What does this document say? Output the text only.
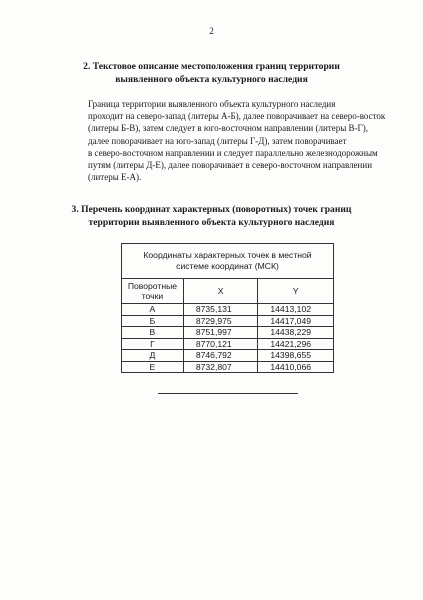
2
2. Текстовое описание местоположения границ территории
выявленного объекта культурного наследия
Граница территории выявленного объекта культурного наследия
проходит на северо-запад (литеры А-Б), далее поворачивает на северо-восток
(литеры Б-В), затем следует в юго-восточном направлении (литеры В-Г),
далее поворачивает на юго-запад (литеры Г-Д), затем поворачивает
в северо-восточном направлении и следует параллельно железнодорожным
путям (литеры Д-Е), далее поворачивает в северо-восточном направлении
(литеры Е-А).
3. Перечень координат характерных (поворотных) точек границ
территории выявленного объекта культурного наследия
Координаты характерных точек в местной
системе координат (МСК)		

Поворотные
точки	X	Y
А	8735,131	14413,102
Б	8729,975	14417,049
В	8751,997	14438,229
Г	8770,121	14421,296
Д	8746,792	14398,655
Е	8732,807	14410,066
